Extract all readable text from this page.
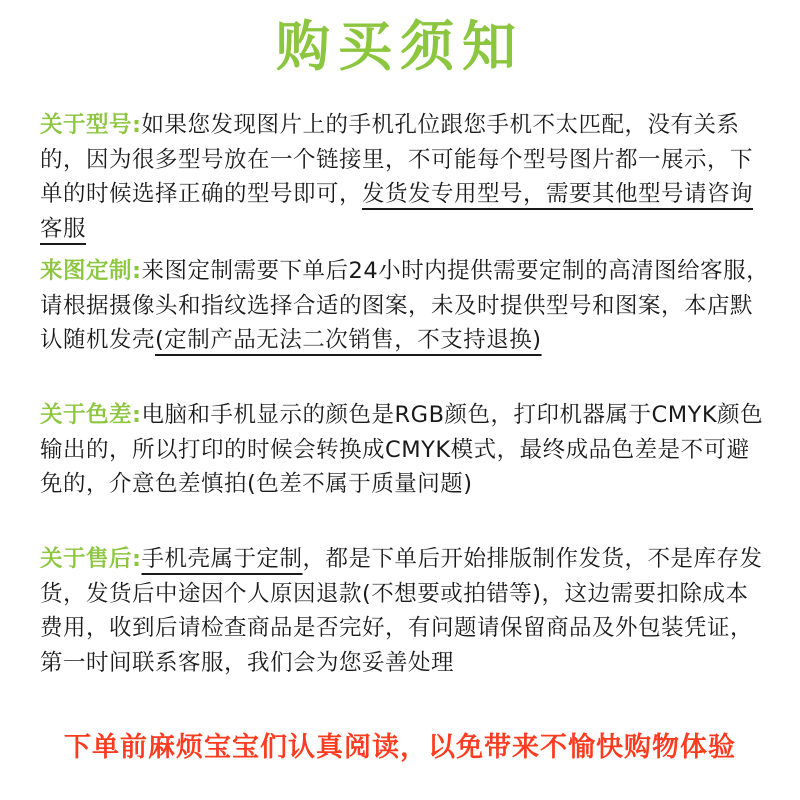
购买须知
关于型号:如果您发现图片上的手机孔位跟您手机不太匹配，没有关系的，因为很多型号放在一个链接里，不可能每个型号图片都一展示，下单的时候选择正确的型号即可，发货发专用型号，需要其他型号请咨询客服
来图定制:来图定制需要下单后24小时内提供需要定制的高清图给客服，请根据摄像头和指纹选择合适的图案，未及时提供型号和图案，本店默认随机发壳(定制产品无法二次销售，不支持退换)
关于色差:电脑和手机显示的颜色是RGB颜色，打印机器属于CMYK颜色输出的，所以打印的时候会转换成CMYK模式，最终成品色差是不可避免的，介意色差慎拍(色差不属于质量问题)
关于售后:手机壳属于定制，都是下单后开始排版制作发货，不是库存发货，发货后中途因个人原因退款(不想要或拍错等)，这边需要扣除成本费用，收到后请检查商品是否完好，有问题请保留商品及外包装凭证，第一时间联系客服，我们会为您妥善处理
下单前麻烦宝宝们认真阅读，以免带来不愉快购物体验
